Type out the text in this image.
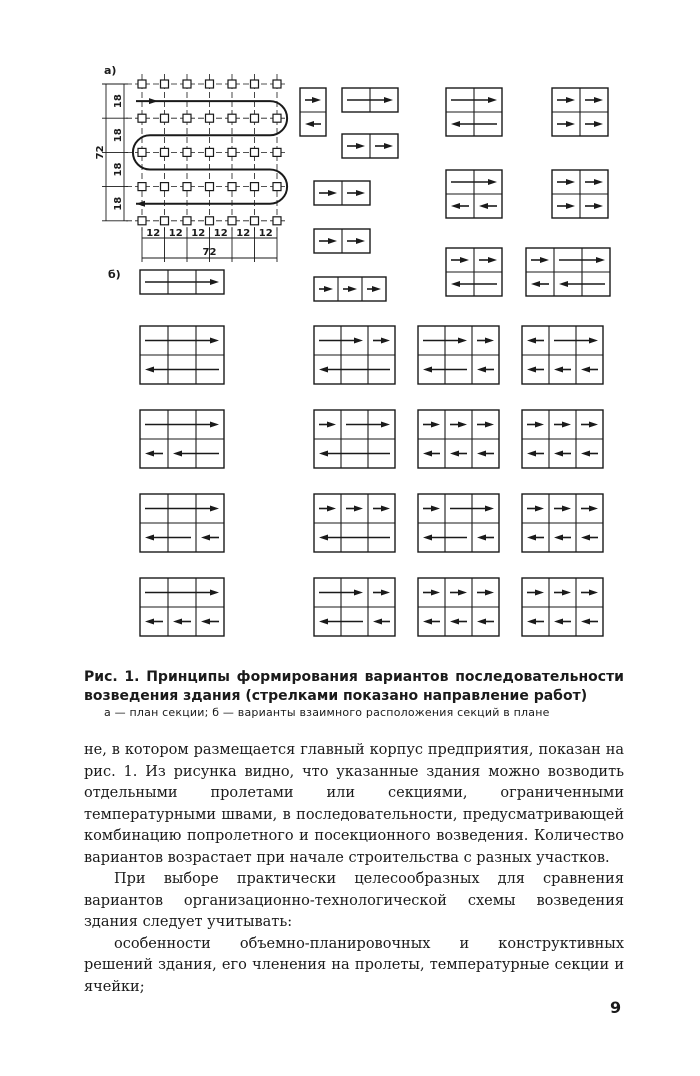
18
18
18
18
72
12 12 12 12 12 12
72
а)
б)
Рис. 1. Принципы формирования вариантов последовательности возведения здания (стрелками показано направление работ)
а — план секции; б — варианты взаимного расположения секций в плане

не, в котором размещается главный корпус предприятия, показан на рис. 1. Из рисунка видно, что указанные здания можно возводить отдельными пролетами или секциями, ограниченными температурными швами, в последовательности, предусматривающей комбинацию попролетного и посекционного возведения. Количество вариантов возрастает при начале строительства с разных участков.

При выборе практически целесообразных для сравнения вариантов организационно-технологической схемы возведения здания следует учитывать:

особенности объемно-планировочных и конструктивных решений здания, его членения на пролеты, температурные секции и ячейки;

9
